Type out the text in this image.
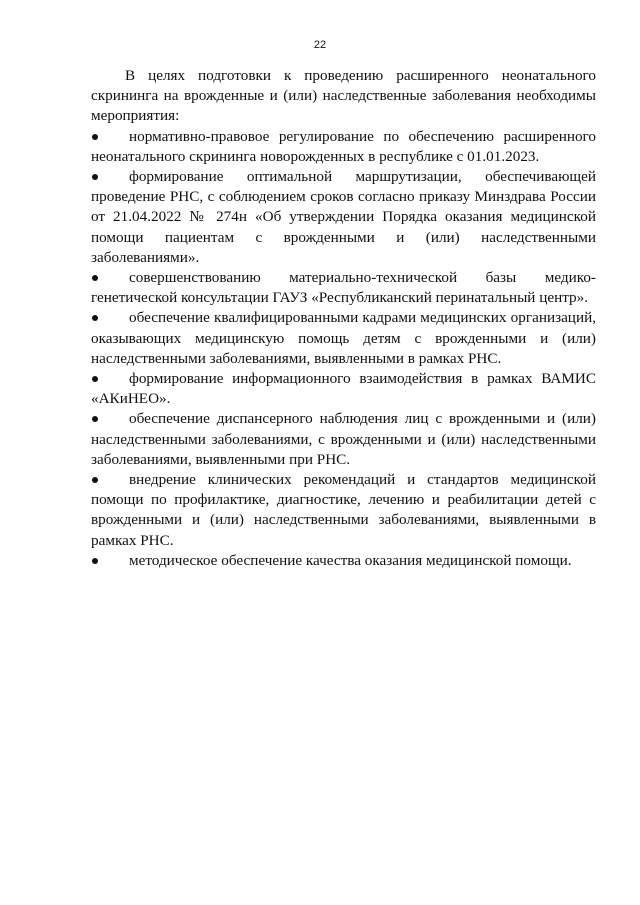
22

В целях подготовки к проведению расширенного неонатального скрининга на врожденные и (или) наследственные заболевания необходимы мероприятия:

нормативно-правовое регулирование по обеспечению расширенного неонатального скрининга новорожденных в республике с 01.01.2023.
формирование оптимальной маршрутизации, обеспечивающей проведение РНС, с соблюдением сроков согласно приказу Минздрава России от 21.04.2022 № 274н «Об утверждении Порядка оказания медицинской помощи пациентам с врожденными и (или) наследственными заболеваниями».
совершенствованию материально-технической базы медико-генетической консультации ГАУЗ «Республиканский перинатальный центр».
обеспечение квалифицированными кадрами медицинских организаций, оказывающих медицинскую помощь детям с врожденными и (или) наследственными заболеваниями, выявленными в рамках РНС.
формирование информационного взаимодействия в рамках ВАМИС «АКиНЕО».
обеспечение диспансерного наблюдения лиц с врожденными и (или) наследственными заболеваниями, с врожденными и (или) наследственными заболеваниями, выявленными при РНС.
внедрение клинических рекомендаций и стандартов медицинской помощи по профилактике, диагностике, лечению и реабилитации детей с врожденными и (или) наследственными заболеваниями, выявленными в рамках РНС.
методическое обеспечение качества оказания медицинской помощи.
